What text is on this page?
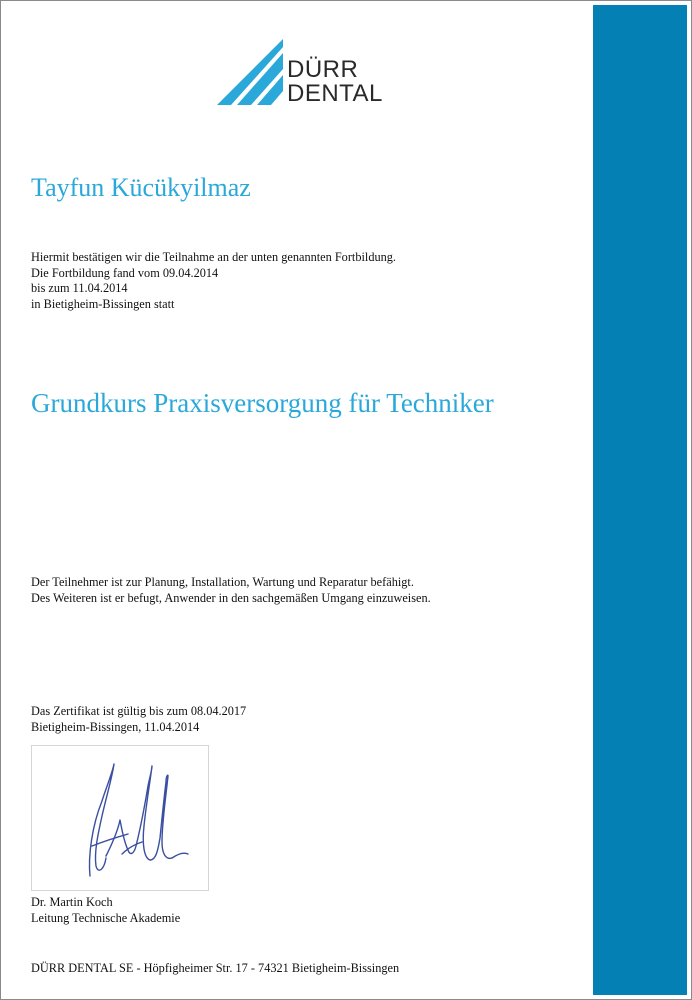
DÜRR
DENTAL
Tayfun Kücükyilmaz
Hiermit bestätigen wir die Teilnahme an der unten genannten Fortbildung.
Die Fortbildung fand vom 09.04.2014
bis zum 11.04.2014
in Bietigheim-Bissingen statt
Grundkurs Praxisversorgung für Techniker
Der Teilnehmer ist zur Planung, Installation, Wartung und Reparatur befähigt.
Des Weiteren ist er befugt, Anwender in den sachgemäßen Umgang einzuweisen.
Das Zertifikat ist gültig bis zum 08.04.2017
Bietigheim-Bissingen, 11.04.2014
Dr. Martin Koch
Leitung Technische Akademie
DÜRR DENTAL SE - Höpfigheimer Str. 17 - 74321 Bietigheim-Bissingen
